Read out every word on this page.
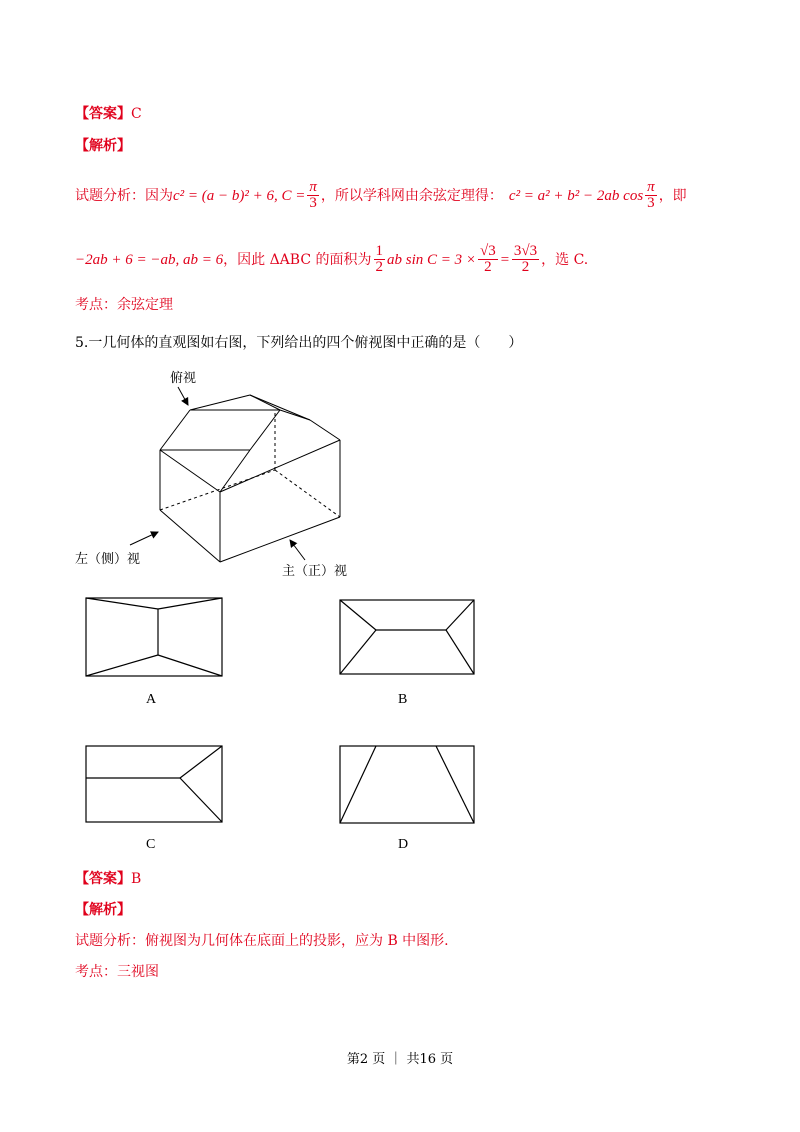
【答案】C
【解析】
试题分析：因为 c² = (a − b)² + 6, $C = \frac{\pi}{3}$ ，所以学科网由余弦定理得： c² = a² + b² − 2ab $\cos \frac{\pi}{3}$ ，即
−2ab + 6 = −ab, ab = 6 ，因此 ΔABC 的面积为 $\frac{1}{2}$ ab $\sin C = 3 \times \frac{√3}{2} = \frac{3√3}{2}$ ，选 C.
考点：余弦定理
5.一几何体的直观图如右图，下列给出的四个俯视图中正确的是（　　）
俯视
左（侧）视
主（正）视
A	B
C	D
【答案】B
【解析】
试题分析：俯视图为几何体在底面上的投影，应为 B 中图形.
考点：三视图
第2 页 ｜ 共16 页
